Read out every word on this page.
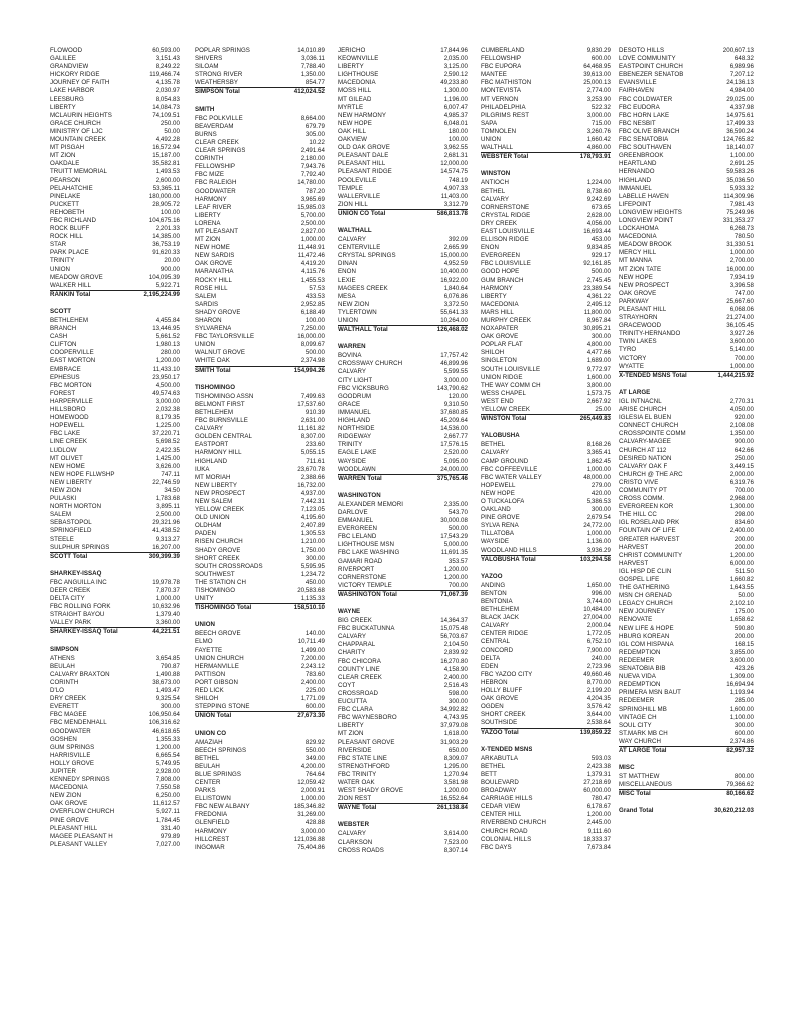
FLOWOOD	60,593.00
GALILEE	3,151.43
GRANDVIEW	8,249.22
HICKORY RIDGE	119,466.74
JOURNEY OF FAITH	4,135.78
LAKE HARBOR	2,030.97
LEESBURG	8,054.83
LIBERTY	14,084.73
MCLAURIN HEIGHTS	74,109.51
GRACE CHURCH	250.00
MINISTRY OF LJC	50.00
MOUNTAIN CREEK	4,492.28
MT PISGAH	16,572.94
MT ZION	15,187.00
OAKDALE	35,582.81
TRUITT MEMORIAL	1,493.53
PEARSON	2,600.00
PELAHATCHIE	53,365.11
PINELAKE	180,000.00
PUCKETT	28,905.72
REHOBETH	100.00
FBC RICHLAND	104,675.16
ROCK BLUFF	2,201.33
ROCK HILL	14,385.00
STAR	36,753.19
PARK PLACE	91,620.33
TRINITY	20.00
UNION	900.00
MEADOW GROVE	104,095.39
WALKER HILL	5,922.71
RANKIN Total	2,195,224.99
SCOTT
BETHLEHEM	4,455.84
BRANCH	13,446.95
CASH	5,661.52
CLIFTON	1,980.13
COOPERVILLE	280.00
EAST MORTON	1,200.00
EMBRACE	11,433.10
EPHESUS	23,950.17
FBC MORTON	4,500.00
FOREST	49,574.63
HARPERVILLE	3,000.00
HILLSBORO	2,032.38
HOMEWOOD	8,179.35
HOPEWELL	1,225.00
FBC LAKE	37,220.71
LINE CREEK	5,698.52
LUDLOW	2,422.35
MT OLIVET	1,425.00
NEW HOME	3,626.00
NEW HOPE FLLWSHP	747.11
NEW LIBERTY	22,746.59
NEW ZION	34.50
PULASKI	1,783.68
NORTH MORTON	3,895.11
SALEM	2,500.00
SEBASTOPOL	29,321.96
SPRINGFIELD	41,438.52
STEELE	9,313.27
SULPHUR SPRINGS	16,207.00
SCOTT Total	309,399.39
SHARKEY-ISSAQ
FBC ANGUILLA INC	19,978.78
DEER CREEK	7,870.37
DELTA CITY	1,000.00
FBC ROLLING FORK	10,632.96
STRAIGHT BAYOU	1,379.40
VALLEY PARK	3,360.00
SHARKEY-ISSAQ Total	44,221.51
SIMPSON
ATHENS	3,654.85
BEULAH	790.87
CALVARY BRAXTON	1,490.88
CORINTH	38,673.00
D'LO	1,493.47
DRY CREEK	9,325.54
EVERETT	300.00
FBC MAGEE	106,950.64
FBC MENDENHALL	106,316.62
GOODWATER	46,618.65
GOSHEN	1,355.33
GUM SPRINGS	1,200.00
HARRISVILLE	6,665.54
HOLLY GROVE	5,749.95
JUPITER	2,928.00
KENNEDY SPRINGS	7,808.00
MACEDONIA	7,550.58
NEW ZION	6,250.00
OAK GROVE	11,612.57
OVERFLOW CHURCH	5,927.11
PINE GROVE	1,784.45
PLEASANT HILL	331.40
MAGEE PLEASANT H	979.89
PLEASANT VALLEY	7,027.00
POPLAR SPRINGS	14,010.89
SHIVERS	3,036.11
SILOAM	7,788.40
STRONG RIVER	1,350.00
WEATHERSBY	854.77
SIMPSON Total	412,024.52
SMITH
FBC POLKVILLE	8,664.00
BEAVERDAM	679.79
BURNS	305.00
CLEAR CREEK	10.22
CLEAR SPRINGS	2,491.64
CORINTH	2,180.00
FELLOWSHIP	7,943.76
FBC MIZE	7,792.40
FBC RALEIGH	14,780.00
GOODWATER	787.20
HARMONY	3,965.69
LEAF RIVER	15,985.03
LIBERTY	5,700.00
LORENA	2,500.00
MT PLEASANT	2,827.00
MT ZION	1,000.00
NEW HOME	11,448.91
NEW SARDIS	11,472.46
OAK GROVE	4,419.20
MARANATHA	4,115.76
ROCKY HILL	1,455.53
ROSE HILL	57.53
SALEM	433.53
SARDIS	2,952.85
SHADY GROVE	6,188.49
SHARON	100.00
SYLVARENA	7,250.00
FBC TAYLORSVILLE	16,000.00
UNION	8,099.67
WALNUT GROVE	500.00
WHITE OAK	2,374.98
SMITH Total	154,994.26
TISHOMINGO
TISHOMINGO ASSN	7,499.63
BELMONT FIRST	17,537.60
BETHLEHEM	910.39
FBC BURNSVILLE	2,631.00
CALVARY	11,161.82
GOLDEN CENTRAL	8,307.00
EASTPORT	233.60
HARMONY HILL	5,055.15
HIGHLAND	711.61
IUKA	23,670.78
MT MORIAH	2,388.66
NEW LIBERTY	16,732.00
NEW PROSPECT	4,937.00
NEW SALEM	7,442.31
YELLOW CREEK	7,123.05
OLD UNION	4,195.60
OLDHAM	2,407.89
PADEN	1,305.53
RISEN CHURCH	1,210.00
SHADY GROVE	1,750.00
SHORT CREEK	300.00
SOUTH CROSSROADS	5,595.95
SOUTHWEST	1,234.72
THE STATION CH	450.00
TISHOMINGO	20,583.68
UNITY	1,135.33
TISHOMINGO Total	158,510.10
UNION
BEECH GROVE	140.00
ELMO	10,711.49
FAYETTE	1,499.00
UNION CHURCH	7,200.00
HERMANVILLE	2,243.12
PATTISON	783.60
PORT GIBSON	2,400.00
RED LICK	225.00
SHILOH	1,771.09
STEPPING STONE	600.00
UNION Total	27,673.30
UNION CO
AMAZIAH	829.92
BEECH SPRINGS	550.00
BETHEL	349.00
BEULAH	4,200.00
BLUE SPRINGS	764.64
CENTER	12,059.42
PARKS	2,000.91
ELLISTOWN	1,000.00
FBC NEW ALBANY	185,346.82
FREDONIA	31,269.00
GLENFIELD	428.88
HARMONY	3,000.00
HILLCREST	121,036.88
INGOMAR	75,404.86
JERICHO	17,844.96
KEOWNVILLE	2,035.00
LIBERTY	3,125.00
LIGHTHOUSE	2,590.12
MACEDONIA	49,233.80
MOSS HILL	1,300.00
MT GILEAD	1,196.00
MYRTLE	6,007.47
NEW HARMONY	4,985.37
NEW HOPE	6,048.01
OAK HILL	180.00
OAKVIEW	100.00
OLD OAK GROVE	3,962.55
PLEASANT DALE	2,681.31
PLEASANT HILL	12,000.00
PLEASANT RIDGE	14,574.75
POOLEVILLE	748.19
TEMPLE	4,907.33
WALLERVILLE	11,403.00
ZION HILL	3,312.79
UNION CO Total	586,813.78
WALTHALL
CALVARY	392.09
CENTERVILLE	2,665.99
CRYSTAL SPRINGS	15,000.00
DINAN	4,952.59
ENON	10,400.00
LEXIE	16,922.00
MAGEES CREEK	1,840.64
MESA	6,076.86
NEW ZION	3,372.50
TYLERTOWN	55,641.33
UNION	10,264.00
WALTHALL Total	126,468.02
WARREN
BOVINA	17,757.42
CROSSWAY CHURCH	46,899.96
CALVARY	5,599.55
CITY LIGHT	3,000.00
FBC VICKSBURG	143,790.62
GOODRUM	120.00
GRACE	9,310.50
IMMANUEL	37,680.85
HIGHLAND	45,209.64
NORTHSIDE	14,536.00
RIDGEWAY	2,667.77
TRINITY	17,576.15
EAGLE LAKE	2,520.00
WAYSIDE	5,095.00
WOODLAWN	24,000.00
WARREN Total	375,765.46
WASHINGTON
ALEXANDER MEMORI	2,335.00
DARLOVE	543.70
EMMANUEL	30,000.08
EVERGREEN	500.00
FBC LELAND	17,543.29
LIGHTHOUSE MSN	5,000.00
FBC LAKE WASHING	11,691.35
GAMARI ROAD	353.57
RIVERPORT	1,200.00
CORNERSTONE	1,200.00
VICTORY TEMPLE	700.00
WASHINGTON Total	71,067.39
WAYNE
BIG CREEK	14,364.37
FBC BUCKATUNNA	15,075.48
CALVARY	56,703.67
CHAPPARAL	2,104.50
CHARITY	2,839.92
FBC CHICORA	16,270.80
COUNTY LINE	4,158.90
CLEAR CREEK	2,400.00
COYT	2,516.43
CROSSROAD	598.00
EUCUTTA	300.00
FBC CLARA	34,992.82
FBC WAYNESBORO	4,743.95
LIBERTY	37,979.08
MT ZION	1,618.00
PLEASANT GROVE	31,903.29
RIVERSIDE	650.00
FBC STATE LINE	8,309.07
STRENGTHFORD	1,295.00
FBC TRINITY	1,270.94
WATER OAK	3,581.98
WEST SHADY GROVE	1,200.00
ZION REST	16,552.64
WAYNE Total	261,138.84
WEBSTER
CALVARY	3,614.00
CLARKSON	7,523.00
CROSS ROADS	8,307.14
CUMBERLAND	9,830.29
FELLOWSHIP	600.00
FBC EUPORA	64,468.95
MANTEE	39,613.00
FBC MATHISTON	25,000.13
MONTEVISTA	2,774.00
MT VERNON	3,253.90
PHILADELPHIA	522.32
PILGRIMS REST	3,000.00
SAPA	715.00
TOMNOLEN	3,260.76
UNION	1,660.42
WALTHALL	4,860.00
WEBSTER Total	178,793.91
WINSTON
ANTIOCH	1,224.00
BETHEL	8,738.60
CALVARY	9,242.69
CORNERSTONE	673.65
CRYSTAL RIDGE	2,628.00
DRY CREEK	4,056.00
EAST LOUISVILLE	16,693.44
ELLISON RIDGE	453.00
ENON	9,834.85
EVERGREEN	929.17
FBC LOUISVILLE	92,161.85
GOOD HOPE	500.00
GUM BRANCH	2,745.45
HARMONY	23,389.54
LIBERTY	4,361.22
MACEDONIA	2,495.12
MARS HILL	11,800.00
MURPHY CREEK	8,967.84
NOXAPATER	30,895.21
OAK GROVE	300.00
POPLAR FLAT	4,800.00
SHILOH	4,477.66
SINGLETON	1,689.00
SOUTH LOUISVILLE	9,772.97
UNION RIDGE	1,600.00
THE WAY COMM CH	3,800.00
WESS CHAPEL	1,573.75
WEST END	2,667.92
YELLOW CREEK	25.00
WINSTON Total	265,449.83
YALOBUSHA
BETHEL	8,168.26
CALVARY	3,365.41
CAMP GROUND	1,862.45
FBC COFFEEVILLE	1,000.00
FBC WATER VALLEY	48,000.00
HOPEWELL	279.00
NEW HOPE	420.00
O TUCKALOFA	5,386.53
OAKLAND	300.00
PINE GROVE	2,679.54
SYLVA RENA	24,772.00
TILLATOBA	1,000.00
WAYSIDE	1,136.00
WOODLAND HILLS	3,936.29
YALOBUSHA Total	103,294.58
YAZOO
ANDING	1,650.00
BENTON	996.00
BENTONIA	3,744.00
BETHLEHEM	10,484.00
BLACK JACK	27,004.00
CALVARY	2,000.04
CENTER RIDGE	1,772.05
CENTRAL	6,752.10
CONCORD	7,900.00
DELTA	240.00
EDEN	2,723.96
FBC YAZOO CITY	49,660.46
HEBRON	8,770.00
HOLLY BLUFF	2,199.20
OAK GROVE	4,204.35
OGDEN	3,576.42
SHORT CREEK	3,644.00
SOUTHSIDE	2,538.64
YAZOO Total	139,859.22
X-TENDED MSNS
ARKABUTLA	593.03
BETHEL	2,423.38
BETT	1,379.31
BOULEVARD	27,218.69
BROADWAY	60,000.00
CARRIAGE HILLS	780.47
CEDAR VIEW	6,178.67
CENTER HILL	1,200.00
RIVERBEND CHURCH	2,445.00
CHURCH ROAD	9,111.60
COLONIAL HILLS	18,333.37
FBC DAYS	7,673.84
DESOTO HILLS	200,607.13
LOVE COMMUNITY	648.32
EASTPOINT CHURCH	6,989.96
EBENEZER SENATOB	7,207.12
EVANSVILLE	24,136.13
FAIRHAVEN	4,984.00
FBC COLDWATER	29,025.00
FBC EUDORA	4,337.98
FBC HORN LAKE	14,975.61
FBC NESBIT	17,499.33
FBC OLIVE BRANCH	36,590.24
FBC SENATOBIA	124,765.82
FBC SOUTHAVEN	18,140.07
GREENBROOK	1,100.00
HEARTLAND	2,691.25
HERNANDO	59,583.26
HIGHLAND	35,036.50
IMMANUEL	5,933.32
LABELLE HAVEN	114,309.96
LIFEPOINT	7,981.43
LONGVIEW HEIGHTS	75,249.96
LONGVIEW POINT	331,353.27
LOCKAHOMA	6,268.73
MACEDONIA	780.50
MEADOW BROOK	31,330.51
MERCY HILL	1,000.00
MT MANNA	2,700.00
MT ZION TATE	16,000.00
NEW HOPE	7,934.19
NEW PROSPECT	3,396.58
OAK GROVE	747.00
PARKWAY	25,667.60
PLEASANT HILL	6,068.06
STRAYHORN	21,274.00
GRACEWOOD	36,105.45
TRINITY-HERNANDO	3,927.26
TWIN LAKES	3,600.00
TYRO	5,140.00
VICTORY	700.00
WYATTE	1,000.00
X-TENDED MSNS Total	1,444,215.92
AT LARGE
IGL INTNACNL	2,770.31
ARISE CHURCH	4,050.00
IGLESIA EL BUEN	920.00
CONNECT CHURCH	2,108.08
CROSSPOINTE COMM	1,350.00
CALVARY-MAGEE	900.00
CHURCH AT 112	642.66
DESIRED NATION	250.00
CALVARY OAK F	3,449.15
CHURCH @ THE ARC	2,000.00
CRISTO VIVE	6,319.76
COMMUNITY PT	700.00
CROSS COMM.	2,968.00
EVERGREEN KOR	1,300.00
THE HILL CC	298.00
IGL ROSELAND PRK	834.60
FOUNTAIN OF LIFE	2,400.00
GREATER HARVEST	200.00
HARVEST	200.00
CHRIST COMMUNITY	1,200.00
HARVEST	6,000.00
IGL HISP DE CLIN	511.50
GOSPEL LIFE	1,660.82
THE GATHERING	1,643.55
MSN CH GRENAD	50.00
LEGACY CHURCH	2,102.10
NEW JOURNEY	175.00
RENOVATE	1,658.62
NEW LIFE & HOPE	590.80
HBURG KOREAN	200.00
IGL COM HISPANA	168.15
REDEMPTION	3,855.00
REDEEMER	3,600.00
SENATOBIA BIB	423.26
NUEVA VIDA	1,309.00
REDEMPTION	16,694.94
PRIMERA MSN BAUT	1,193.94
REDEEMER	285.00
SPRINGHILL MB	1,600.00
VINTAGE CH	1,100.00
SOUL CITY	300.00
ST.MARK MB CH	600.00
WAY CHURCH	2,374.86
AT LARGE Total	82,957.32
MISC
ST MATTHEW	800.00
MISCELLANEOUS	79,366.62
MISC Total	80,166.62
Grand Total	30,620,212.03
